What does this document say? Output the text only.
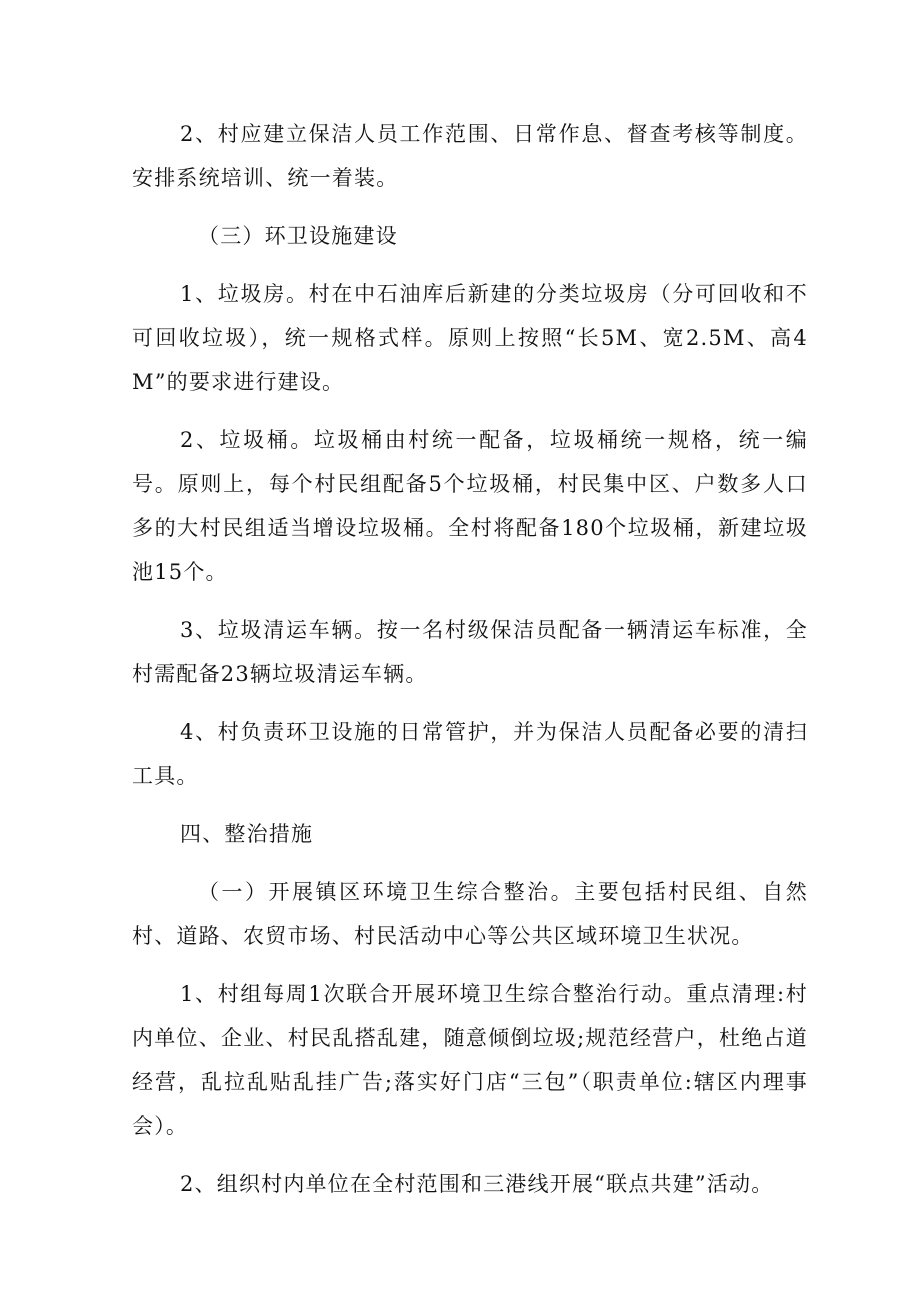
2、村应建立保洁人员工作范围、日常作息、督查考核等制度。安排系统培训、统一着装。

（三）环卫设施建设

1、垃圾房。村在中石油库后新建的分类垃圾房（分可回收和不可回收垃圾），统一规格式样。原则上按照“长5M、宽2.5M、高4M”的要求进行建设。

2、垃圾桶。垃圾桶由村统一配备，垃圾桶统一规格，统一编号。原则上，每个村民组配备5个垃圾桶，村民集中区、户数多人口多的大村民组适当增设垃圾桶。全村将配备180个垃圾桶，新建垃圾池15个。

3、垃圾清运车辆。按一名村级保洁员配备一辆清运车标准，全村需配备23辆垃圾清运车辆。

4、村负责环卫设施的日常管护，并为保洁人员配备必要的清扫工具。

四、整治措施

（一）开展镇区环境卫生综合整治。主要包括村民组、自然村、道路、农贸市场、村民活动中心等公共区域环境卫生状况。

1、村组每周1次联合开展环境卫生综合整治行动。重点清理:村内单位、企业、村民乱搭乱建，随意倾倒垃圾;规范经营户，杜绝占道经营，乱拉乱贴乱挂广告;落实好门店“三包”（职责单位:辖区内理事会）。

2、组织村内单位在全村范围和三港线开展“联点共建”活动。
